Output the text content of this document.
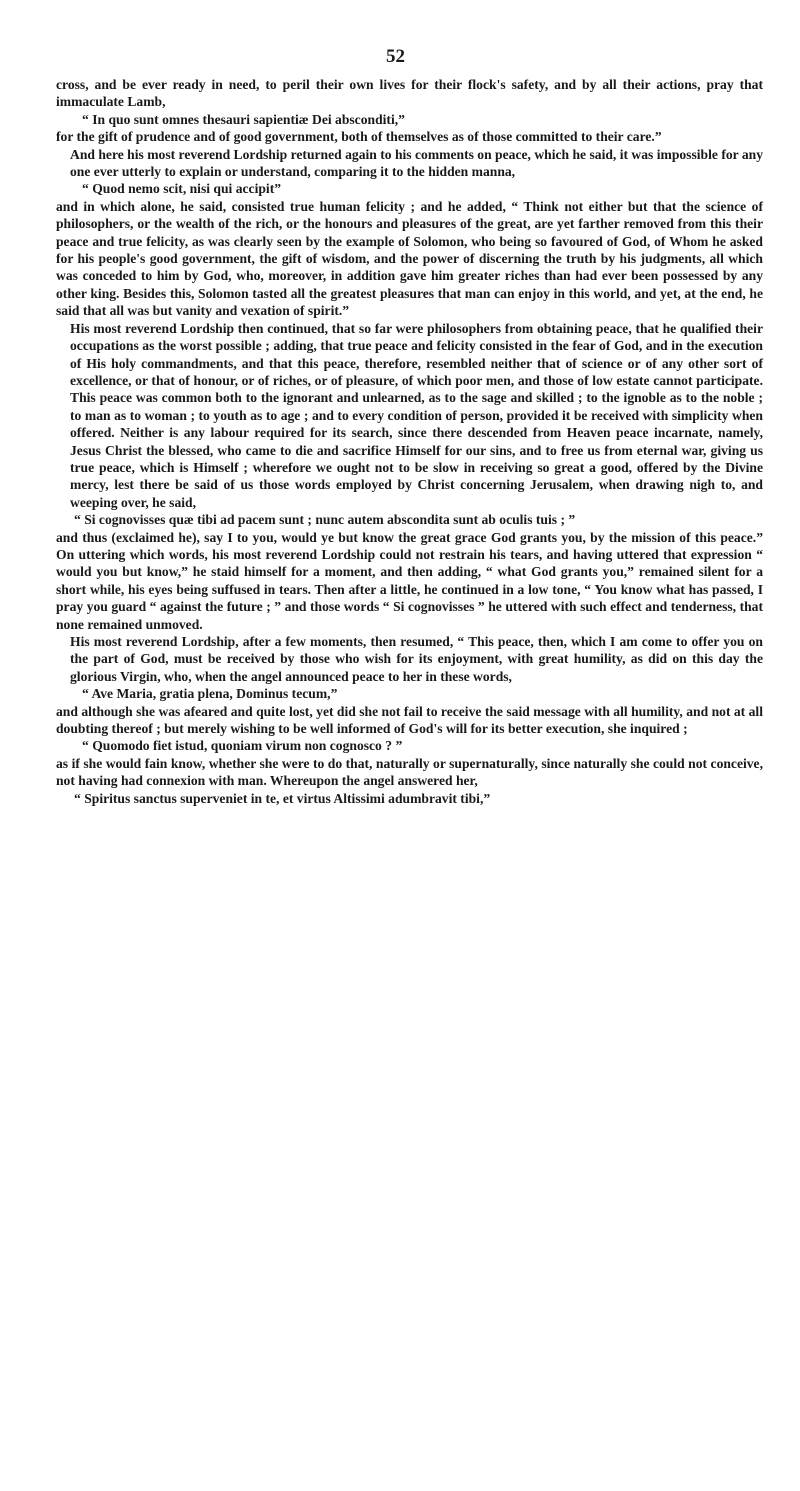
52

cross, and be ever ready in need, to peril their own lives for their flock's safety, and by all their actions, pray that immaculate Lamb,

“ In quo sunt omnes thesauri sapientiæ Dei absconditi,”

for the gift of prudence and of good government, both of themselves as of those committed to their care.”

And here his most reverend Lordship returned again to his comments on peace, which he said, it was impossible for any one ever utterly to explain or understand, comparing it to the hidden manna,

“ Quod nemo scit, nisi qui accipit”

and in which alone, he said, consisted true human felicity ; and he added, “ Think not either but that the science of philosophers, or the wealth of the rich, or the honours and pleasures of the great, are yet farther removed from this their peace and true felicity, as was clearly seen by the example of Solomon, who being so favoured of God, of Whom he asked for his people's good government, the gift of wisdom, and the power of discerning the truth by his judgments, all which was conceded to him by God, who, moreover, in addition gave him greater riches than had ever been possessed by any other king. Besides this, Solomon tasted all the greatest pleasures that man can enjoy in this world, and yet, at the end, he said that all was but vanity and vexation of spirit.”

His most reverend Lordship then continued, that so far were philosophers from obtaining peace, that he qualified their occupations as the worst possible ; adding, that true peace and felicity consisted in the fear of God, and in the execution of His holy commandments, and that this peace, therefore, resembled neither that of science or of any other sort of excellence, or that of honour, or of riches, or of pleasure, of which poor men, and those of low estate cannot participate. This peace was common both to the ignorant and unlearned, as to the sage and skilled ; to the ignoble as to the noble ; to man as to woman ; to youth as to age ; and to every condition of person, provided it be received with simplicity when offered. Neither is any labour required for its search, since there descended from Heaven peace incarnate, namely, Jesus Christ the blessed, who came to die and sacrifice Himself for our sins, and to free us from eternal war, giving us true peace, which is Himself ; wherefore we ought not to be slow in receiving so great a good, offered by the Divine mercy, lest there be said of us those words employed by Christ concerning Jerusalem, when drawing nigh to, and weeping over, he said,

“ Si cognovisses quæ tibi ad pacem sunt ; nunc autem abscondita sunt ab oculis tuis ; ”

and thus (exclaimed he), say I to you, would ye but know the great grace God grants you, by the mission of this peace.” On uttering which words, his most reverend Lordship could not restrain his tears, and having uttered that expression “ would you but know,” he staid himself for a moment, and then adding, “ what God grants you,” remained silent for a short while, his eyes being suffused in tears. Then after a little, he continued in a low tone, “ You know what has passed, I pray you guard “ against the future ; ” and those words “ Si cognovisses ” he uttered with such effect and tenderness, that none remained unmoved.

His most reverend Lordship, after a few moments, then resumed, “ This peace, then, which I am come to offer you on the part of God, must be received by those who wish for its enjoyment, with great humility, as did on this day the glorious Virgin, who, when the angel announced peace to her in these words,

“ Ave Maria, gratia plena, Dominus tecum,”

and although she was afeared and quite lost, yet did she not fail to receive the said message with all humility, and not at all doubting thereof ; but merely wishing to be well informed of God's will for its better execution, she inquired ;

“ Quomodo fiet istud, quoniam virum non cognosco ? ”

as if she would fain know, whether she were to do that, naturally or supernaturally, since naturally she could not conceive, not having had connexion with man. Whereupon the angel answered her,

“ Spiritus sanctus superveniet in te, et virtus Altissimi adumbravit tibi,”
